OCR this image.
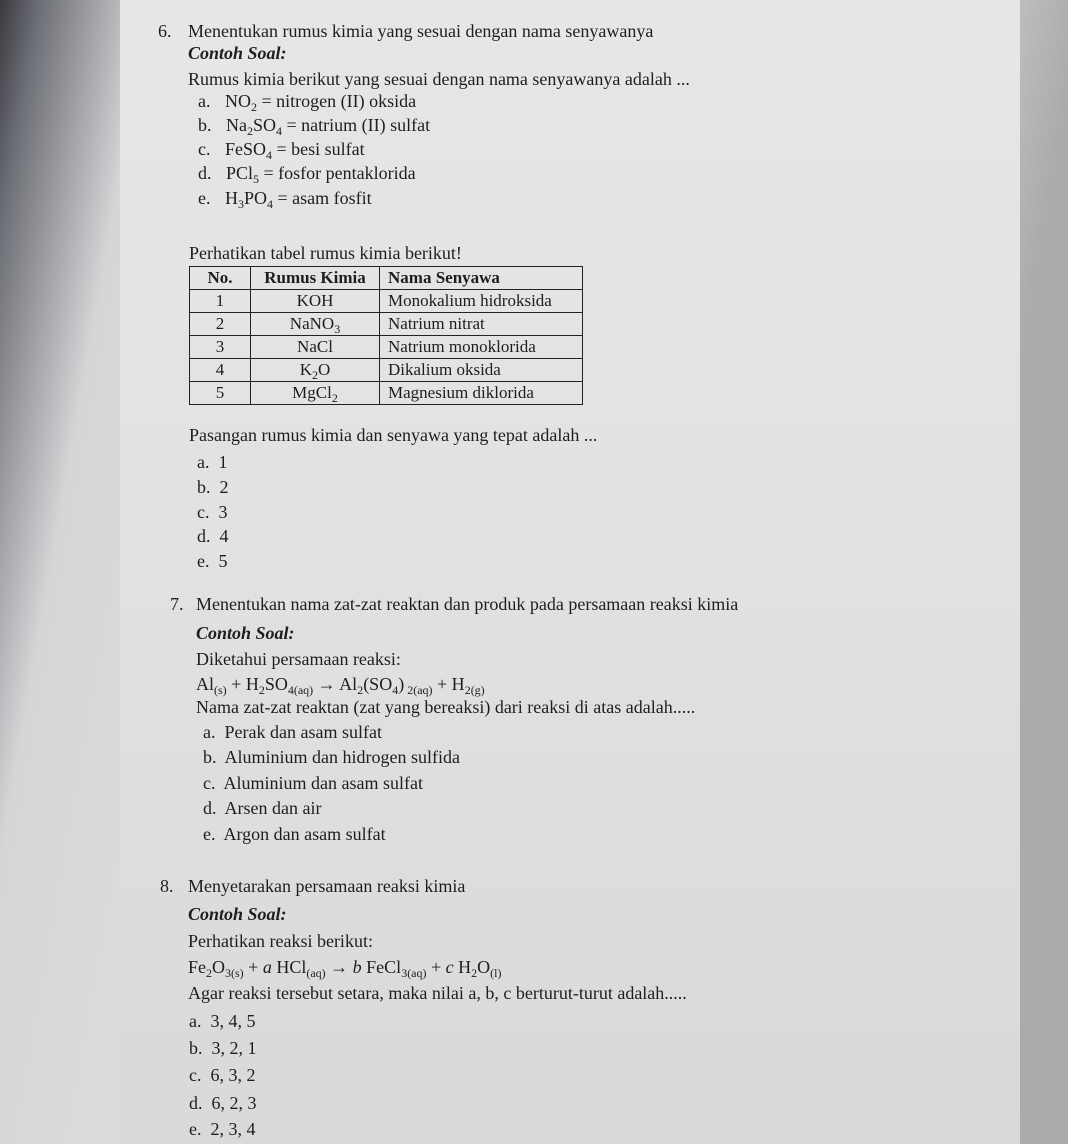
6. Menentukan rumus kimia yang sesuai dengan nama senyawanya
Contoh Soal:
Rumus kimia berikut yang sesuai dengan nama senyawanya adalah ...
a. $NO_2$ = nitrogen (II) oksida
b. $Na_2SO_4$ = natrium (II) sulfat
c. FeSO$_4$ = besi sulfat
d. PCl$_5$ = fosfor pentaklorida
e. $H_3PO_4$ = asam fosfit
Perhatikan tabel rumus kimia berikut!
No.	Rumus Kimia	Nama Senyawa
1	KOH	Monokalium hidroksida
2	NaNO$_3$	Natrium nitrat
3	NaCl	Natrium monoklorida
4	$K_2O$	Dikalium oksida
5	MgCl$_2$	Magnesium diklorida
Pasangan rumus kimia dan senyawa yang tepat adalah ...
a. 1
b. 2
c. 3
d. 4
e. 5
7. Menentukan nama zat-zat reaktan dan produk pada persamaan reaksi kimia
Contoh Soal:
Diketahui persamaan reaksi:
$Al_{(s)} + H_2SO_{4(aq)} \to Al_2(SO_4) _{2(aq)} + H_{2(g)}$
Nama zat-zat reaktan (zat yang bereaksi) dari reaksi di atas adalah.....
a. Perak dan asam sulfat
b. Aluminium dan hidrogen sulfida
c. Aluminium dan asam sulfat
d. Arsen dan air
e. Argon dan asam sulfat
8. Menyetarakan persamaan reaksi kimia
Contoh Soal:
Perhatikan reaksi berikut:
$Fe_2O_{3(s)} + a$ HCl$_{(aq)}$ → b FeCl$_{3(aq)}$ + c $H_2O_{(l)}$
Agar reaksi tersebut setara, maka nilai a, b, c berturut-turut adalah.....
a. 3, 4, 5
b. 3, 2, 1
c. 6, 3, 2
d. 6, 2, 3
e. 2, 3, 4
